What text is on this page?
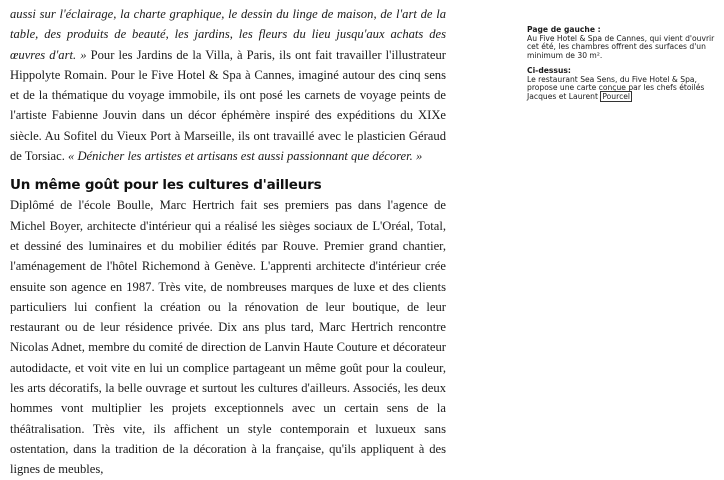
aussi sur l'éclairage, la charte graphique, le dessin du linge de maison, de l'art de la table, des produits de beauté, les jardins, les fleurs du lieu jusqu'aux achats des œuvres d'art. » Pour les Jardins de la Villa, à Paris, ils ont fait travailler l'illustrateur Hippolyte Romain. Pour le Five Hotel & Spa à Cannes, imaginé autour des cinq sens et de la thématique du voyage immobile, ils ont posé les carnets de voyage peints de l'artiste Fabienne Jouvin dans un décor éphémère inspiré des expéditions du XIXe siècle. Au Sofitel du Vieux Port à Marseille, ils ont travaillé avec le plasticien Géraud de Torsiac. « Dénicher les artistes et artisans est aussi passionnant que décorer. »

Un même goût pour les cultures d'ailleurs

Diplômé de l'école Boulle, Marc Hertrich fait ses premiers pas dans l'agence de Michel Boyer, architecte d'intérieur qui a réalisé les sièges sociaux de L'Oréal, Total, et dessiné des luminaires et du mobilier édités par Rouve. Premier grand chantier, l'aménagement de l'hôtel Richemond à Genève. L'apprenti architecte d'intérieur crée ensuite son agence en 1987. Très vite, de nombreuses marques de luxe et des clients particuliers lui confient la création ou la rénovation de leur boutique, de leur restaurant ou de leur résidence privée. Dix ans plus tard, Marc Hertrich rencontre Nicolas Adnet, membre du comité de direction de Lanvin Haute Couture et décorateur autodidacte, et voit vite en lui un complice partageant un même goût pour la couleur, les arts décoratifs, la belle ouvrage et surtout les cultures d'ailleurs. Associés, les deux hommes vont multiplier les projets exceptionnels avec un certain sens de la théâtralisation. Très vite, ils affichent un style contemporain et luxueux sans ostentation, dans la tradition de la décoration à la française, qu'ils appliquent à des lignes de meubles,

Page de gauche :
Au Five Hotel & Spa de Cannes, qui vient d'ouvrir cet été, les chambres offrent des surfaces d'un minimum de 30 m².
Ci-dessus:
Le restaurant Sea Sens, du Five Hotel & Spa, propose une carte conçue par les chefs étoilés Jacques et Laurent Pourcel
